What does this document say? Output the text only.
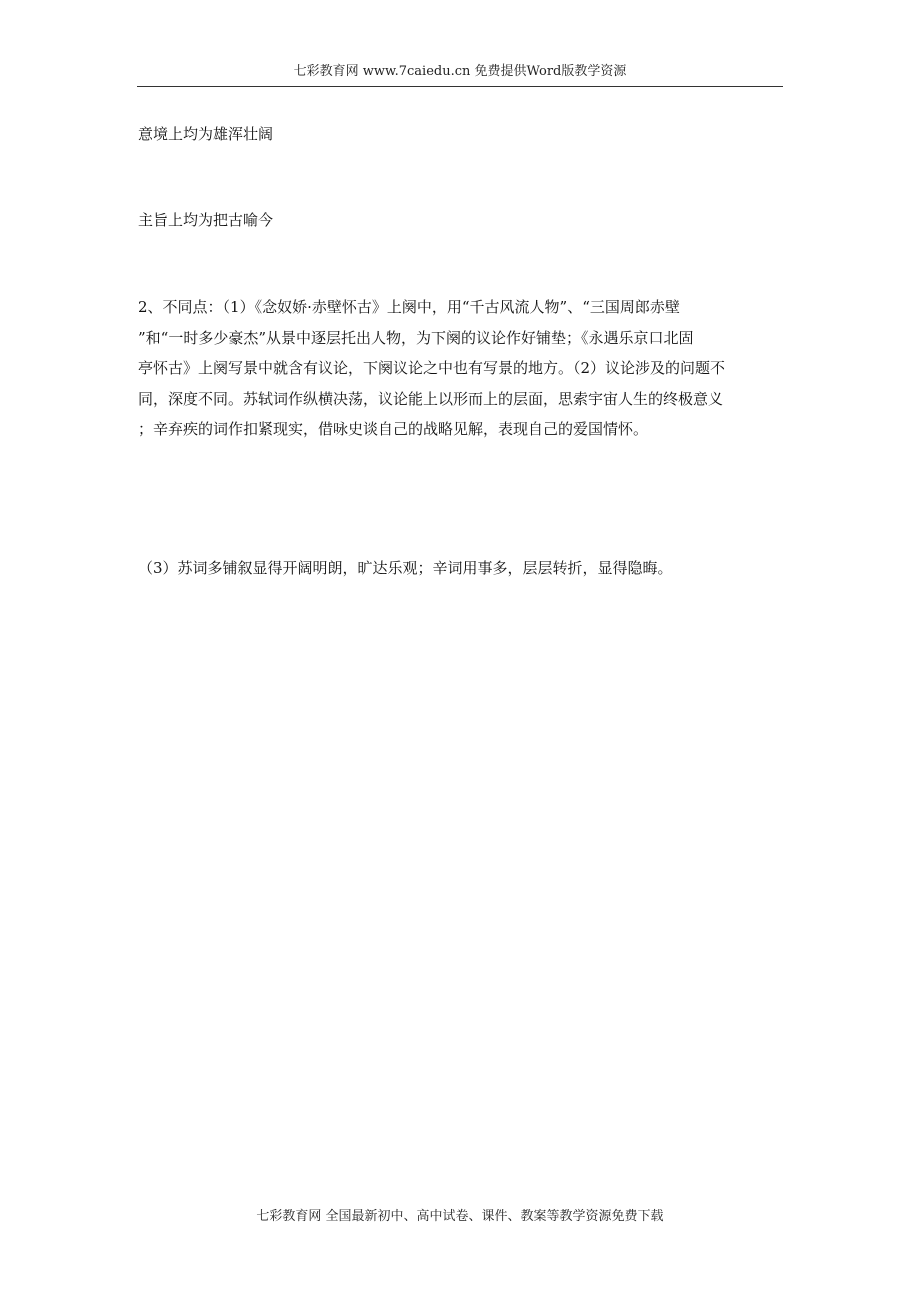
七彩教育网 www.7caiedu.cn 免费提供Word版教学资源

意境上均为雄浑壮阔

主旨上均为把古喻今

2、不同点：（1）《念奴娇·赤壁怀古》上阕中，用“千古风流人物”、“三国周郎赤壁
”和“一时多少豪杰”从景中逐层托出人物，为下阕的议论作好铺垫；《永遇乐京口北固
亭怀古》上阕写景中就含有议论，下阕议论之中也有写景的地方。（2）议论涉及的问题不
同，深度不同。苏轼词作纵横决荡，议论能上以形而上的层面，思索宇宙人生的终极意义
；辛弃疾的词作扣紧现实，借咏史谈自己的战略见解，表现自己的爱国情怀。

（3）苏词多铺叙显得开阔明朗，旷达乐观；辛词用事多，层层转折，显得隐晦。

七彩教育网 全国最新初中、高中试卷、课件、教案等教学资源免费下载
